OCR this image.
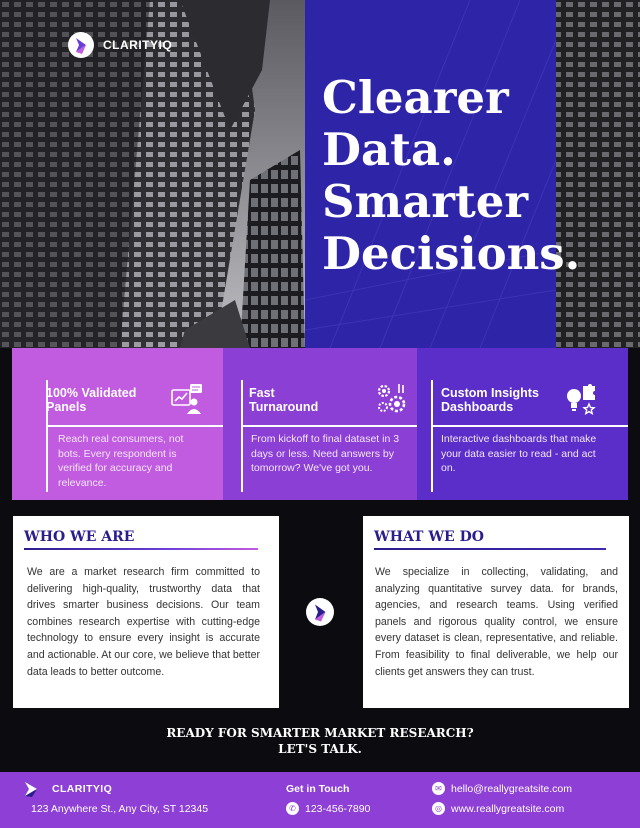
CLARITYIQ
Clearer
Data.
Smarter
Decisions.
100% Validated
Panels
Reach real consumers, not bots. Every respondent is verified for accuracy and relevance.
Fast
Turnaround
From kickoff to final dataset in 3 days or less. Need answers by tomorrow? We've got you.
Custom Insights
Dashboards
Interactive dashboards that make your data easier to read - and act on.
WHO WE ARE

We are a market research firm committed to delivering high-quality, trustworthy data that drives smarter business decisions. Our team combines research expertise with cutting-edge technology to ensure every insight is accurate and actionable. At our core, we believe that better data leads to better outcome.

WHAT WE DO

We specialize in collecting, validating, and analyzing quantitative survey data. for brands, agencies, and research teams. Using verified panels and rigorous quality control, we ensure every dataset is clean, representative, and reliable. From feasibility to final deliverable, we help our clients get answers they can trust.

READY FOR SMARTER MARKET RESEARCH?
LET'S TALK.
CLARITYIQ
123 Anywhere St., Any City, ST 12345
Get in Touch
✆ 123-456-7890
✉ hello@reallygreatsite.com
◎ www.reallygreatsite.com
